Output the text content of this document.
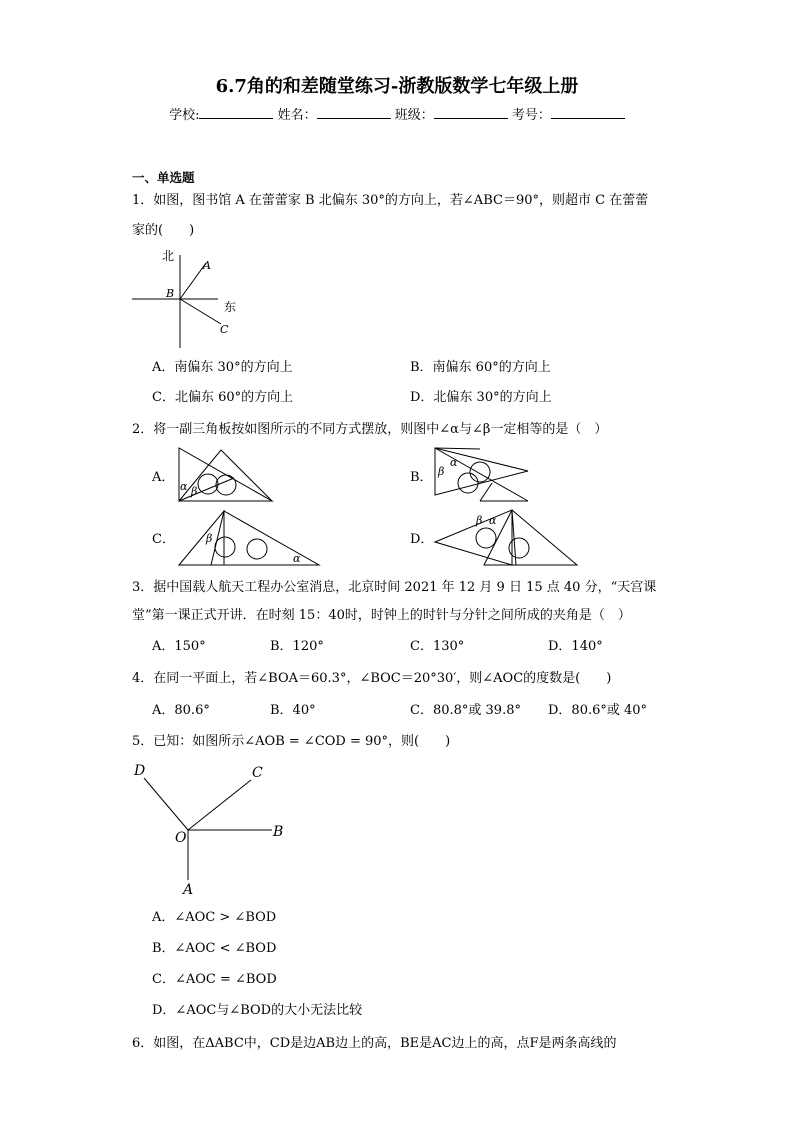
6.7角的和差随堂练习-浙教版数学七年级上册
学校:	姓名：	班级：	考号：
一、单选题
1．如图，图书馆 A 在蕾蕾家 B 北偏东 30°的方向上，若∠ABC＝90°，则超市 C 在蕾蕾
家的(　　)
北
东
A
B
C
A．南偏东 30°的方向上	B．南偏东 60°的方向上
C．北偏东 60°的方向上	D．北偏东 30°的方向上
2．将一副三角板按如图所示的不同方式摆放，则图中∠α与∠β一定相等的是（　）
A．
α β
B． β
α
C．	β
α
D．
β α
3．据中国载人航天工程办公室消息，北京时间 2021 年 12 月 9 日 15 点 40 分，“天宫课
堂”第一课正式开讲．在时刻 15：40时，时钟上的时针与分针之间所成的夹角是（　）
A．150°	B．120°	C．130°	D．140°
4．在同一平面上，若∠BOA＝60.3°，∠BOC＝20°30′，则∠AOC的度数是(　　)
A．80.6°	B．40°	C．80.8°或 39.8° D．80.6°或 40°
5．已知：如图所示∠AOB = ∠COD = 90°，则(　　)
D	C
O	B
A
A．∠AOC > ∠BOD
B．∠AOC < ∠BOD
C．∠AOC = ∠BOD
D．∠AOC与∠BOD的大小无法比较
6．如图，在ΔABC中，CD是边AB边上的高，BE是AC边上的高，点F是两条高线的
